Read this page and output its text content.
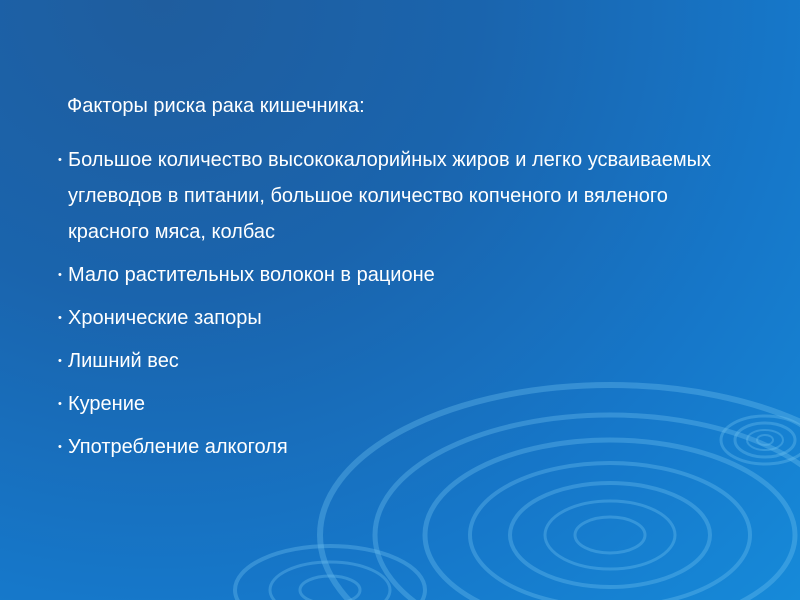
Факторы риска рака кишечника:
• Большое количество высококалорийных жиров и легко усваиваемых углеводов в питании, большое количество копченого и вяленого красного мяса, колбас
• Мало растительных волокон в рационе
• Хронические запоры
• Лишний вес
• Курение
• Употребление алкоголя
